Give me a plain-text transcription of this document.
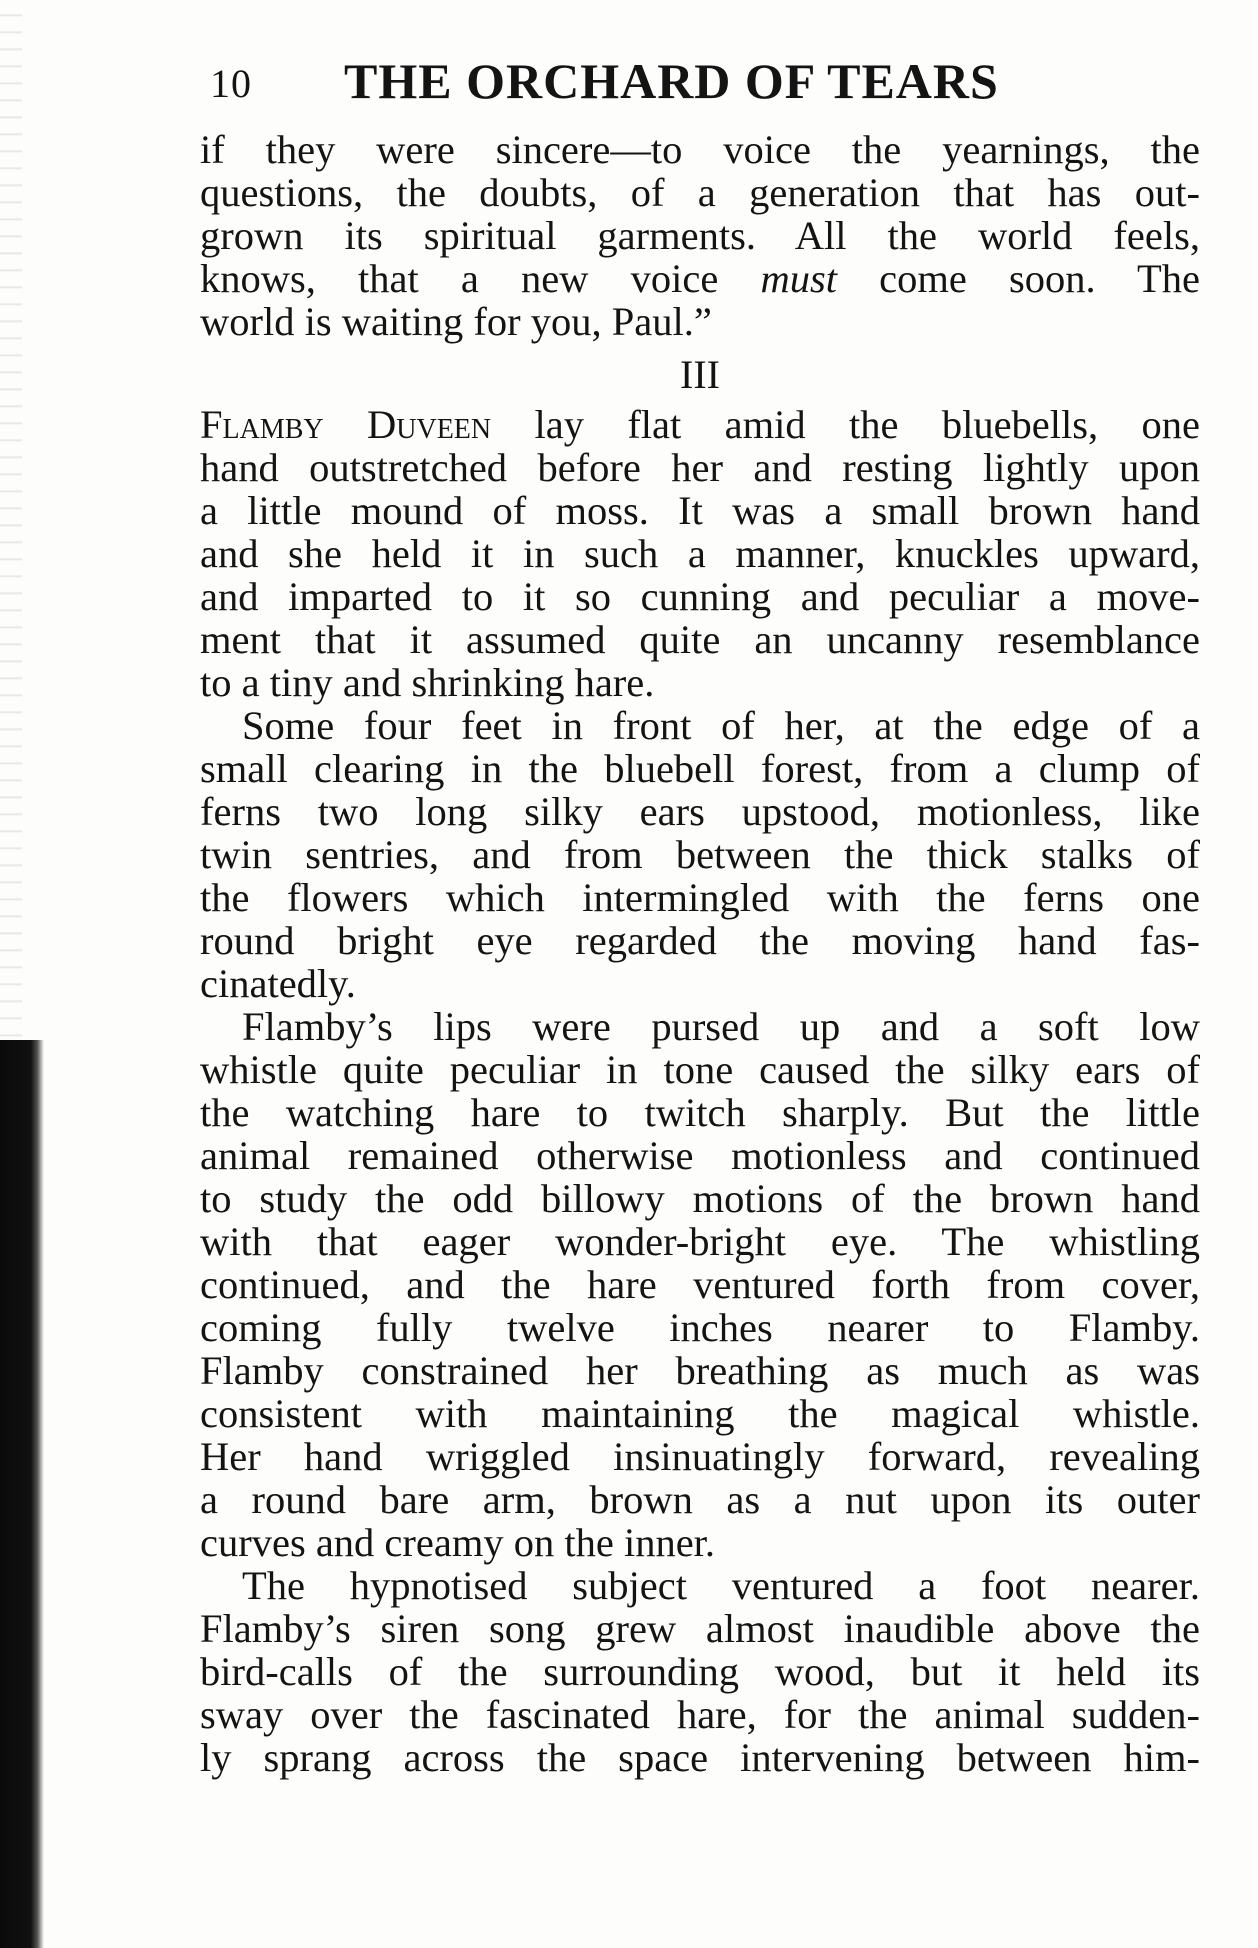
10 THE ORCHARD OF TEARS
if they were sincere—to voice the yearnings, the
questions, the doubts, of a generation that has out-
grown its spiritual garments. All the world feels,
knows, that a new voice must come soon. The
world is waiting for you, Paul.”
III
Flamby Duveen lay flat amid the bluebells, one
hand outstretched before her and resting lightly upon
a little mound of moss. It was a small brown hand
and she held it in such a manner, knuckles upward,
and imparted to it so cunning and peculiar a move-
ment that it assumed quite an uncanny resemblance
to a tiny and shrinking hare.
Some four feet in front of her, at the edge of a
small clearing in the bluebell forest, from a clump of
ferns two long silky ears upstood, motionless, like
twin sentries, and from between the thick stalks of
the flowers which intermingled with the ferns one
round bright eye regarded the moving hand fas-
cinatedly.
Flamby’s lips were pursed up and a soft low
whistle quite peculiar in tone caused the silky ears of
the watching hare to twitch sharply. But the little
animal remained otherwise motionless and continued
to study the odd billowy motions of the brown hand
with that eager wonder-bright eye. The whistling
continued, and the hare ventured forth from cover,
coming fully twelve inches nearer to Flamby.
Flamby constrained her breathing as much as was
consistent with maintaining the magical whistle.
Her hand wriggled insinuatingly forward, revealing
a round bare arm, brown as a nut upon its outer
curves and creamy on the inner.
The hypnotised subject ventured a foot nearer.
Flamby’s siren song grew almost inaudible above the
bird-calls of the surrounding wood, but it held its
sway over the fascinated hare, for the animal sudden-
ly sprang across the space intervening between him-
